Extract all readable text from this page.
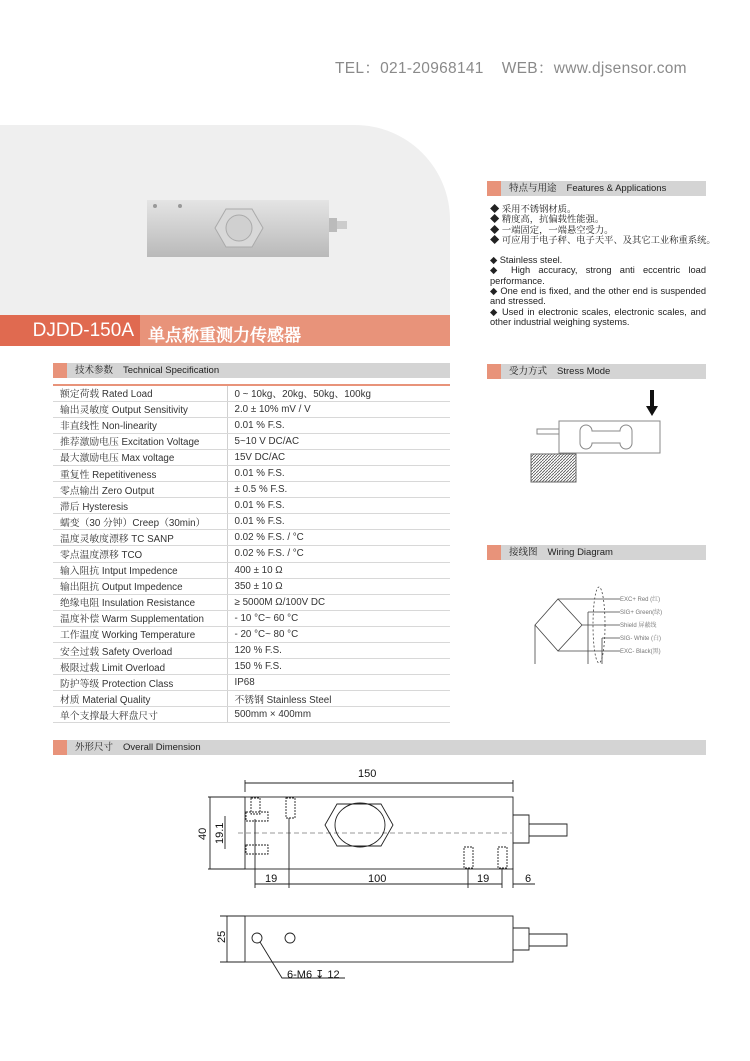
TEL：021-20968141 WEB：www.djsensor.com
DJDD-150A 单点称重测力传感器
特点与用途 Features & Applications

◆ 采用不锈钢材质。

◆ 精度高，抗偏载性能强。

◆ 一端固定，一端悬空受力。

◆ 可应用于电子秤、电子天平、及其它工业称重系统。

◆ Stainless steel.

◆ High accuracy, strong anti eccentric load performance.

◆ One end is fixed, and the other end is suspended and stressed.

◆ Used in electronic scales, electronic scales, and other industrial weighing systems.

技术参数 Technical Specification
额定荷载 Rated Load	0 ~ 10kg、20kg、50kg、100kg
输出灵敏度 Output Sensitivity	2.0 ± 10% mV / V
非直线性 Non-linearity	0.01 % F.S.
推荐激励电压 Excitation Voltage	5~10 V DC/AC
最大激励电压 Max voltage	15V DC/AC
重复性 Repetitiveness	0.01 % F.S.
零点输出 Zero Output	± 0.5 % F.S.
滞后 Hysteresis	0.01 % F.S.
蠕变（30 分钟）Creep（30min）	0.01 % F.S.
温度灵敏度漂移 TC SANP	0.02 % F.S. / °C
零点温度漂移 TCO	0.02 % F.S. / °C
输入阻抗 Intput Impedence	400 ± 10 Ω
输出阻抗 Output Impedence	350 ± 10 Ω
绝缘电阻 Insulation Resistance	≥ 5000M Ω/100V DC
温度补偿 Warm Supplementation	- 10 °C~ 60 °C
工作温度 Working Temperature	- 20 °C~ 80 °C
安全过载 Safety Overload	120 % F.S.
极限过载 Limit Overload	150 % F.S.
防护等级 Protection Class	IP68
材质 Material Quality	不锈钢 Stainless Steel
单个支撑最大秤盘尺寸	500mm × 400mm
受力方式 Stress Mode
接线图 Wiring Diagram
EXC+ Red (红)
SIG+ Green(绿)
Shield 屏蔽线
SIG- White (白)
EXC- Black(黑)
外形尺寸 Overall Dimension
150
40 19.1
19	100	19	6
25
6-M6 ↧ 12
